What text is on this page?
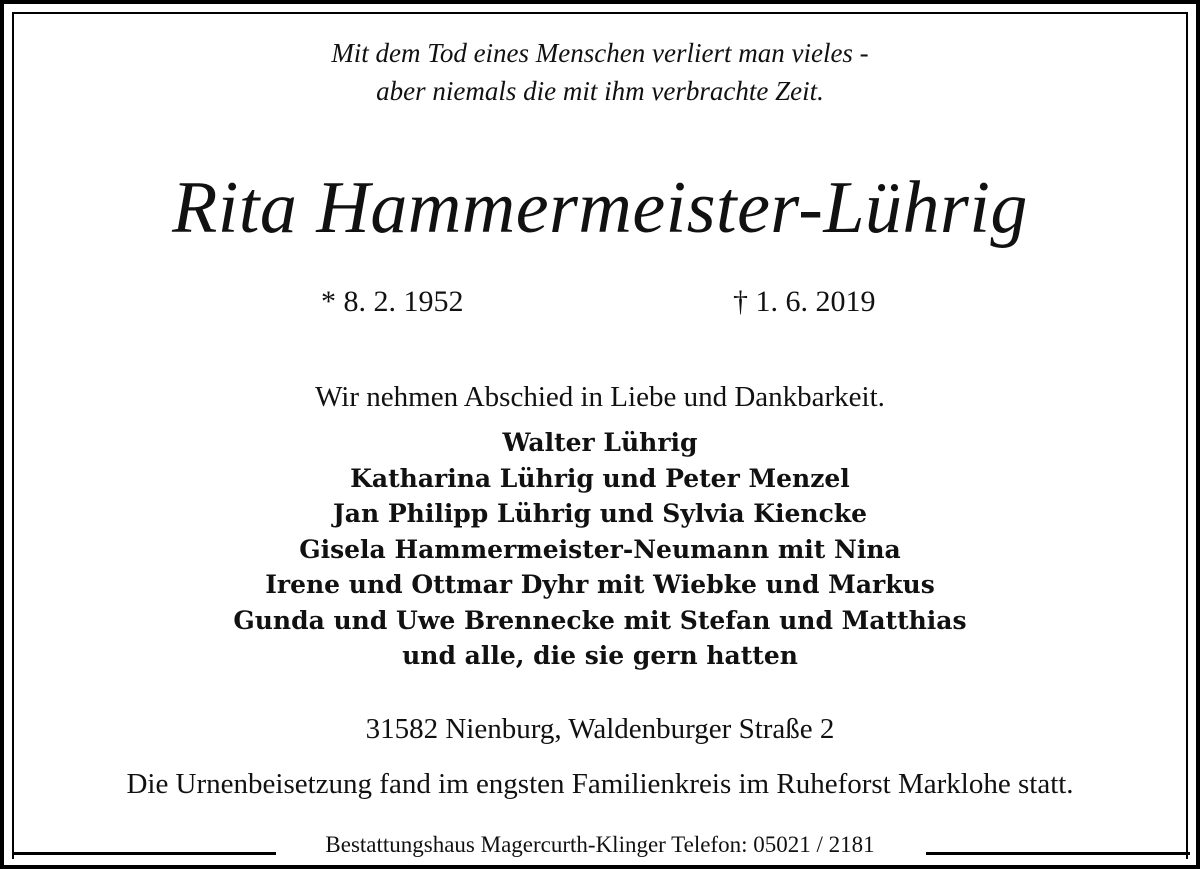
Mit dem Tod eines Menschen verliert man vieles -
aber niemals die mit ihm verbrachte Zeit.
Rita Hammermeister-Lührig
* 8. 2. 1952	† 1. 6. 2019
Wir nehmen Abschied in Liebe und Dankbarkeit.
Walter Lührig
Katharina Lührig und Peter Menzel
Jan Philipp Lührig und Sylvia Kiencke
Gisela Hammermeister-Neumann mit Nina
Irene und Ottmar Dyhr mit Wiebke und Markus
Gunda und Uwe Brennecke mit Stefan und Matthias
und alle, die sie gern hatten
31582 Nienburg, Waldenburger Straße 2
Die Urnenbeisetzung fand im engsten Familienkreis im Ruheforst Marklohe statt.
Bestattungshaus Magercurth-Klinger Telefon: 05021 / 2181
